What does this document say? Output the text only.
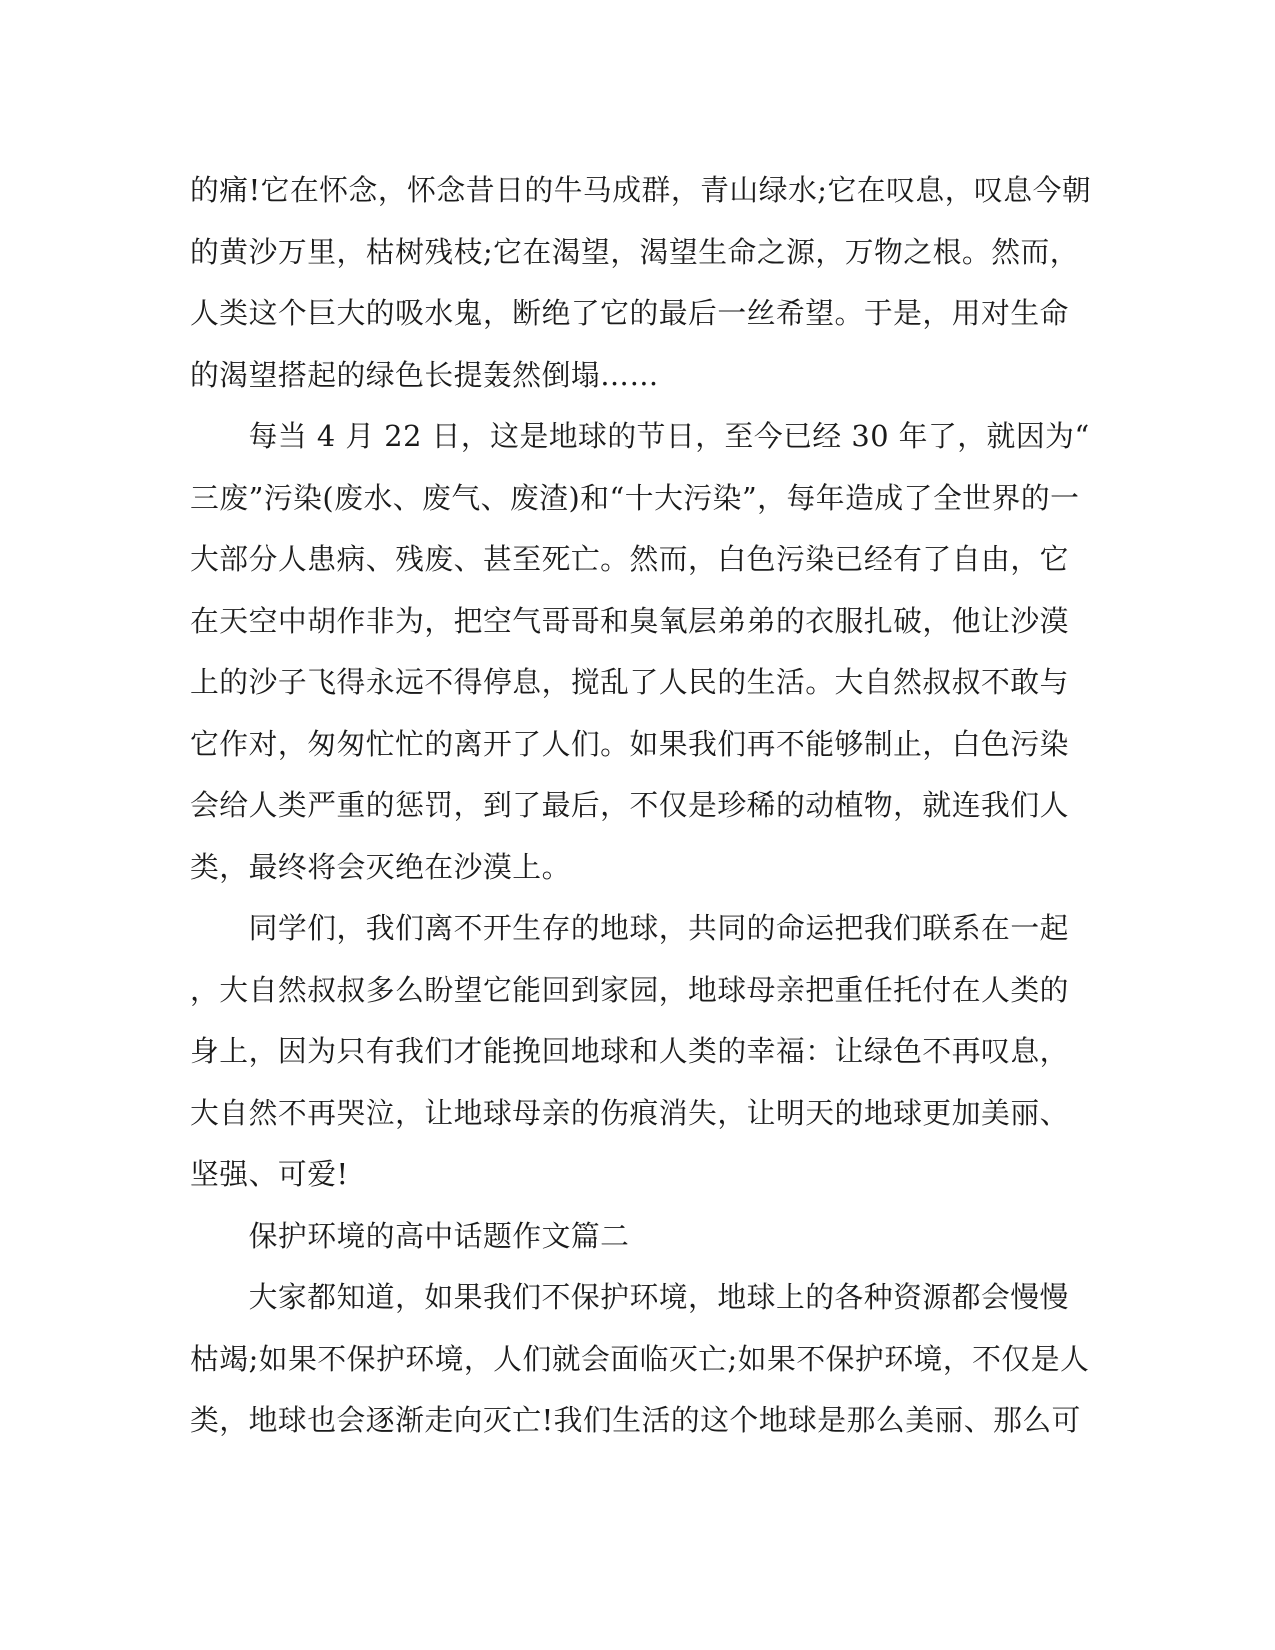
的痛!它在怀念，怀念昔日的牛马成群，青山绿水;它在叹息，叹息今朝
的黄沙万里，枯树残枝;它在渴望，渴望生命之源，万物之根。然而，
人类这个巨大的吸水鬼，断绝了它的最后一丝希望。于是，用对生命
的渴望搭起的绿色长提轰然倒塌……
　　每当 4 月 22 日，这是地球的节日，至今已经 30 年了，就因为“
三废”污染(废水、废气、废渣)和“十大污染”，每年造成了全世界的一
大部分人患病、残废、甚至死亡。然而，白色污染已经有了自由，它
在天空中胡作非为，把空气哥哥和臭氧层弟弟的衣服扎破，他让沙漠
上的沙子飞得永远不得停息，搅乱了人民的生活。大自然叔叔不敢与
它作对，匆匆忙忙的离开了人们。如果我们再不能够制止，白色污染
会给人类严重的惩罚，到了最后，不仅是珍稀的动植物，就连我们人
类，最终将会灭绝在沙漠上。
　　同学们，我们离不开生存的地球，共同的命运把我们联系在一起
，大自然叔叔多么盼望它能回到家园，地球母亲把重任托付在人类的
身上，因为只有我们才能挽回地球和人类的幸福：让绿色不再叹息，
大自然不再哭泣，让地球母亲的伤痕消失，让明天的地球更加美丽、
坚强、可爱!
　　保护环境的高中话题作文篇二
　　大家都知道，如果我们不保护环境，地球上的各种资源都会慢慢
枯竭;如果不保护环境，人们就会面临灭亡;如果不保护环境，不仅是人
类，地球也会逐渐走向灭亡!我们生活的这个地球是那么美丽、那么可
